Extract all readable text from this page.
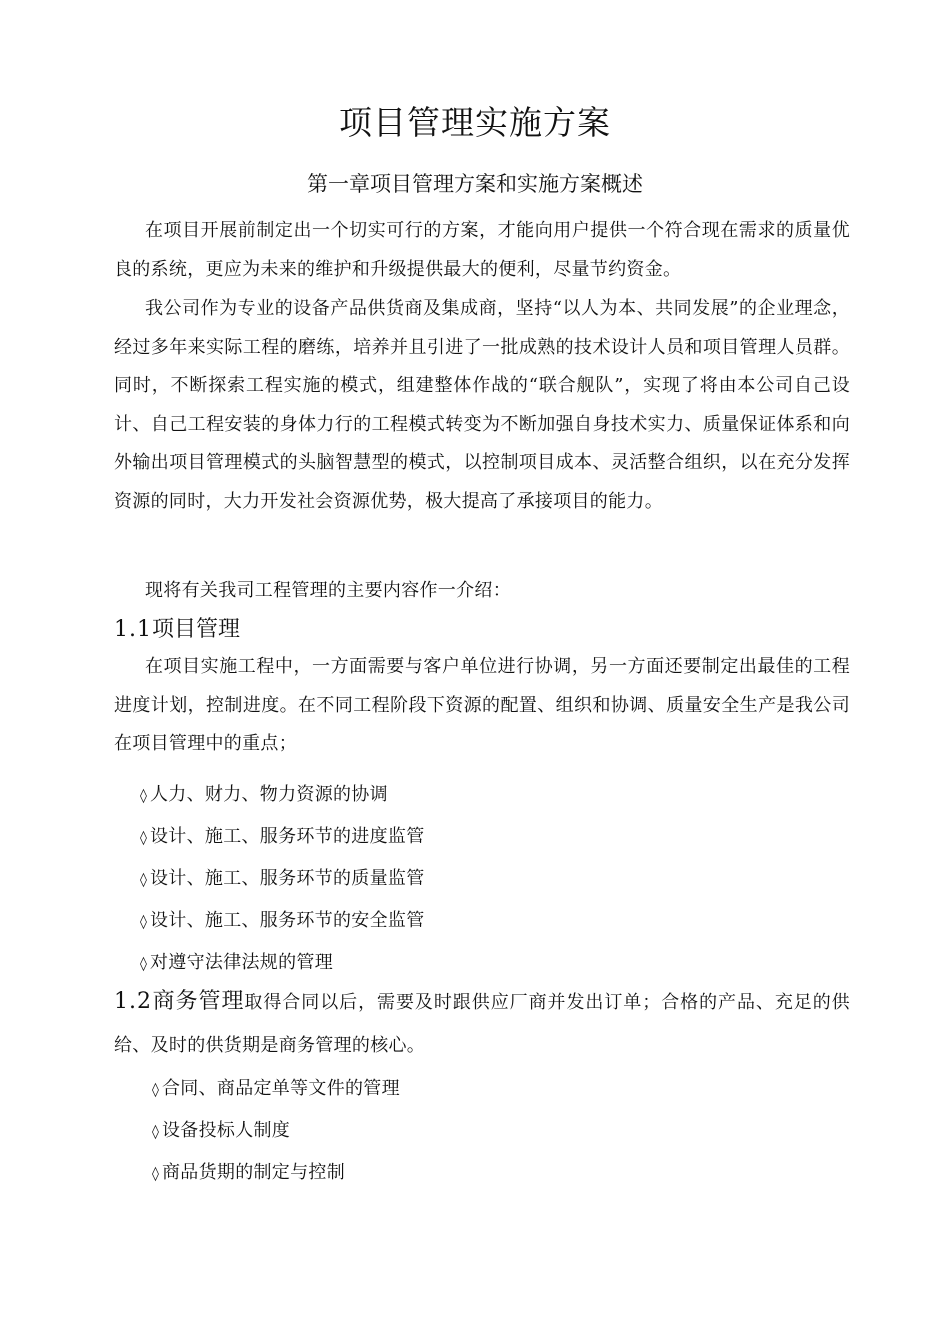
项目管理实施方案
第一章项目管理方案和实施方案概述
在项目开展前制定出一个切实可行的方案，才能向用户提供一个符合现在需求的质量优良的系统，更应为未来的维护和升级提供最大的便利，尽量节约资金。
我公司作为专业的设备产品供货商及集成商，坚持“以人为本、共同发展”的企业理念，经过多年来实际工程的磨练，培养并且引进了一批成熟的技术设计人员和项目管理人员群。同时，不断探索工程实施的模式，组建整体作战的“联合舰队”，实现了将由本公司自己设计、自己工程安装的身体力行的工程模式转变为不断加强自身技术实力、质量保证体系和向外输出项目管理模式的头脑智慧型的模式，以控制项目成本、灵活整合组织，以在充分发挥资源的同时，大力开发社会资源优势，极大提高了承接项目的能力。
现将有关我司工程管理的主要内容作一介绍：
1.1项目管理
在项目实施工程中，一方面需要与客户单位进行协调，另一方面还要制定出最佳的工程进度计划，控制进度。在不同工程阶段下资源的配置、组织和协调、质量安全生产是我公司在项目管理中的重点；
◊ 人力、财力、物力资源的协调
◊ 设计、施工、服务环节的进度监管
◊ 设计、施工、服务环节的质量监管
◊ 设计、施工、服务环节的安全监管
◊ 对遵守法律法规的管理
1.2商务管理取得合同以后，需要及时跟供应厂商并发出订单；合格的产品、充足的供给、及时的供货期是商务管理的核心。
◊ 合同、商品定单等文件的管理
◊ 设备投标人制度
◊ 商品货期的制定与控制
